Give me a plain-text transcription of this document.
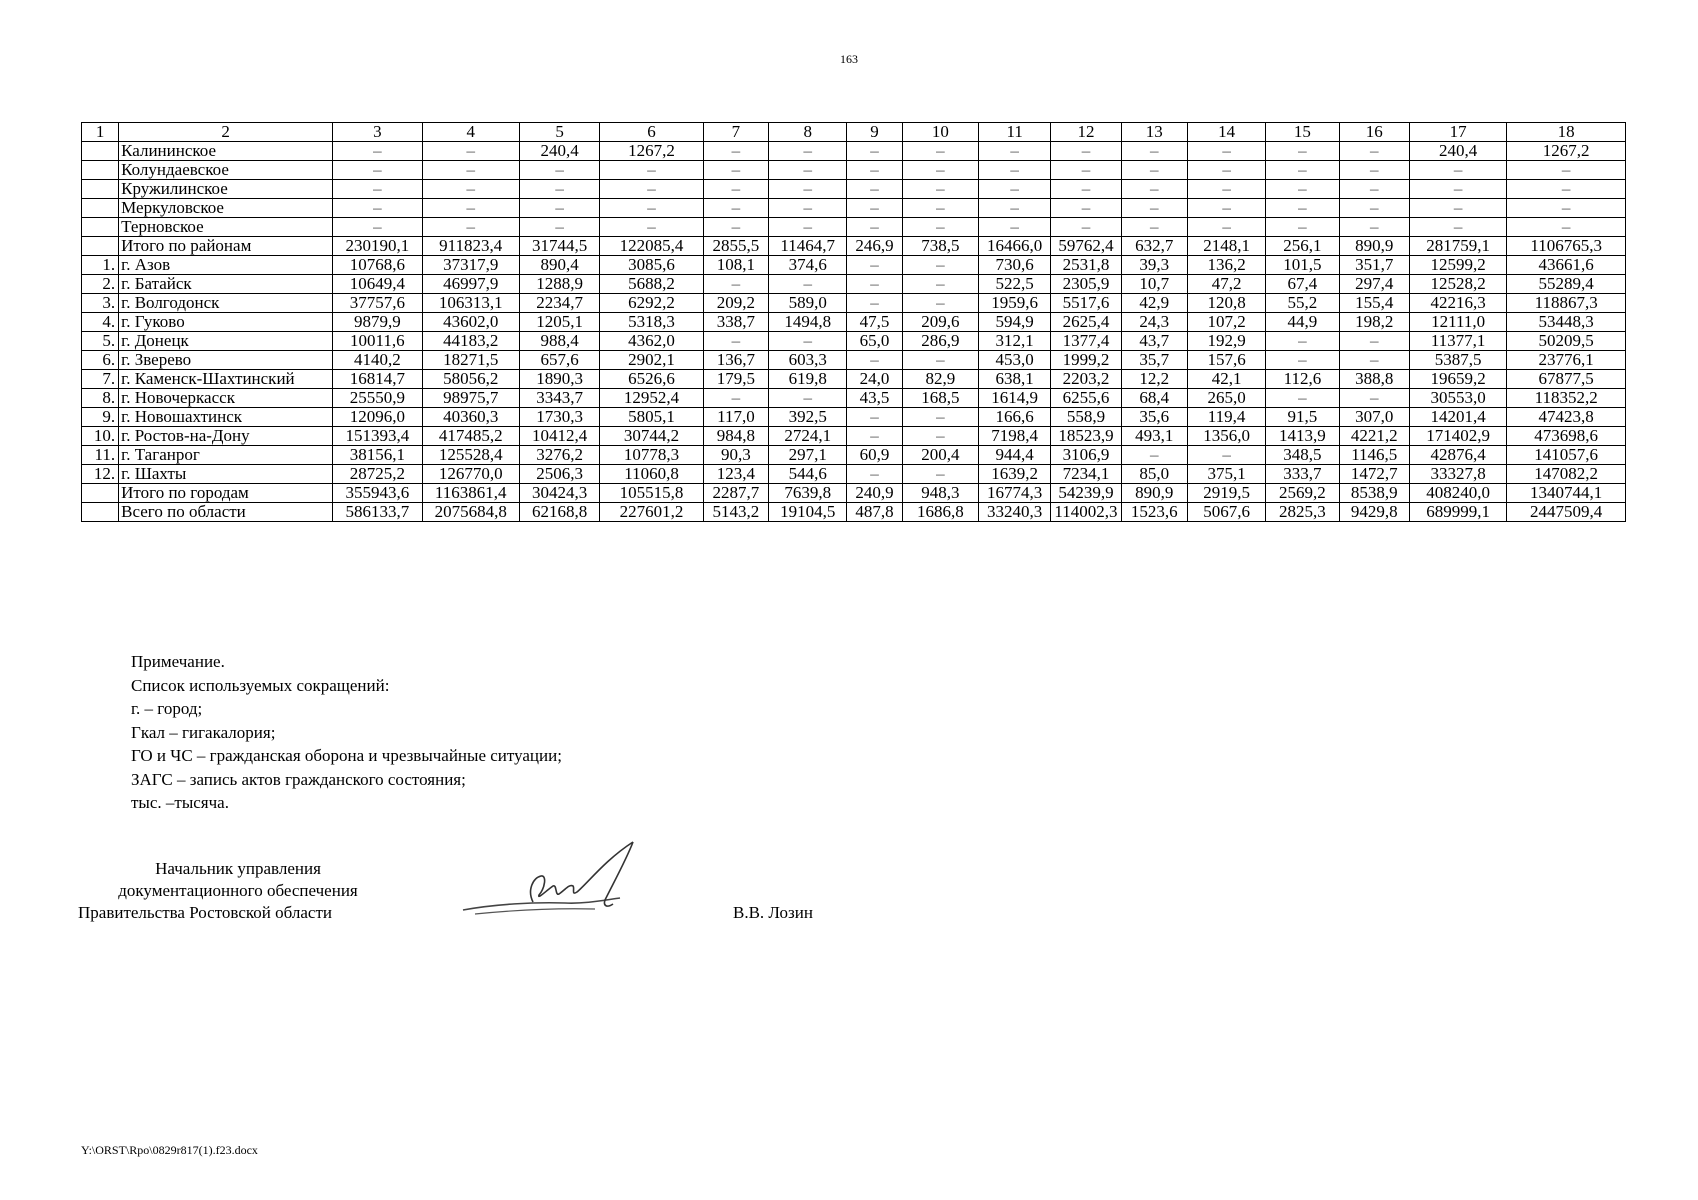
163
1	2	3	4	5	6	7	8	9	10	11	12	13	14	15	16	17	18
	Калининское	–	–	240,4	1267,2	–	–	–	–	–	–	–	–	–	–	240,4	1267,2
	Колундаевское	–	–	–	–	–	–	–	–	–	–	–	–	–	–	–	–
	Кружилинское	–	–	–	–	–	–	–	–	–	–	–	–	–	–	–	–
	Меркуловское	–	–	–	–	–	–	–	–	–	–	–	–	–	–	–	–
	Терновское	–	–	–	–	–	–	–	–	–	–	–	–	–	–	–	–
	Итого по районам	230190,1	911823,4	31744,5	122085,4	2855,5	11464,7	246,9	738,5	16466,0	59762,4	632,7	2148,1	256,1	890,9	281759,1	1106765,3
1.	г. Азов	10768,6	37317,9	890,4	3085,6	108,1	374,6	–	–	730,6	2531,8	39,3	136,2	101,5	351,7	12599,2	43661,6
2.	г. Батайск	10649,4	46997,9	1288,9	5688,2	–	–	–	–	522,5	2305,9	10,7	47,2	67,4	297,4	12528,2	55289,4
3.	г. Волгодонск	37757,6	106313,1	2234,7	6292,2	209,2	589,0	–	–	1959,6	5517,6	42,9	120,8	55,2	155,4	42216,3	118867,3
4.	г. Гуково	9879,9	43602,0	1205,1	5318,3	338,7	1494,8	47,5	209,6	594,9	2625,4	24,3	107,2	44,9	198,2	12111,0	53448,3
5.	г. Донецк	10011,6	44183,2	988,4	4362,0	–	–	65,0	286,9	312,1	1377,4	43,7	192,9	–	–	11377,1	50209,5
6.	г. Зверево	4140,2	18271,5	657,6	2902,1	136,7	603,3	–	–	453,0	1999,2	35,7	157,6	–	–	5387,5	23776,1
7.	г. Каменск-Шахтинский	16814,7	58056,2	1890,3	6526,6	179,5	619,8	24,0	82,9	638,1	2203,2	12,2	42,1	112,6	388,8	19659,2	67877,5
8.	г. Новочеркасск	25550,9	98975,7	3343,7	12952,4	–	–	43,5	168,5	1614,9	6255,6	68,4	265,0	–	–	30553,0	118352,2
9.	г. Новошахтинск	12096,0	40360,3	1730,3	5805,1	117,0	392,5	–	–	166,6	558,9	35,6	119,4	91,5	307,0	14201,4	47423,8
10.	г. Ростов-на-Дону	151393,4	417485,2	10412,4	30744,2	984,8	2724,1	–	–	7198,4	18523,9	493,1	1356,0	1413,9	4221,2	171402,9	473698,6
11.	г. Таганрог	38156,1	125528,4	3276,2	10778,3	90,3	297,1	60,9	200,4	944,4	3106,9	–	–	348,5	1146,5	42876,4	141057,6
12.	г. Шахты	28725,2	126770,0	2506,3	11060,8	123,4	544,6	–	–	1639,2	7234,1	85,0	375,1	333,7	1472,7	33327,8	147082,2
	Итого по городам	355943,6	1163861,4	30424,3	105515,8	2287,7	7639,8	240,9	948,3	16774,3	54239,9	890,9	2919,5	2569,2	8538,9	408240,0	1340744,1
	Всего по области	586133,7	2075684,8	62168,8	227601,2	5143,2	19104,5	487,8	1686,8	33240,3	114002,3	1523,6	5067,6	2825,3	9429,8	689999,1	2447509,4
Примечание.
Список используемых сокращений:
г. – город;
Гкал – гигакалория;
ГО и ЧС – гражданская оборона и чрезвычайные ситуации;
ЗАГС – запись актов гражданского состояния;
тыс. –тысяча.
Начальник управления
документационного обеспечения
Правительства Ростовской области	В.В. Лозин
Y:\ORST\Rpo\0829r817(1).f23.docx
